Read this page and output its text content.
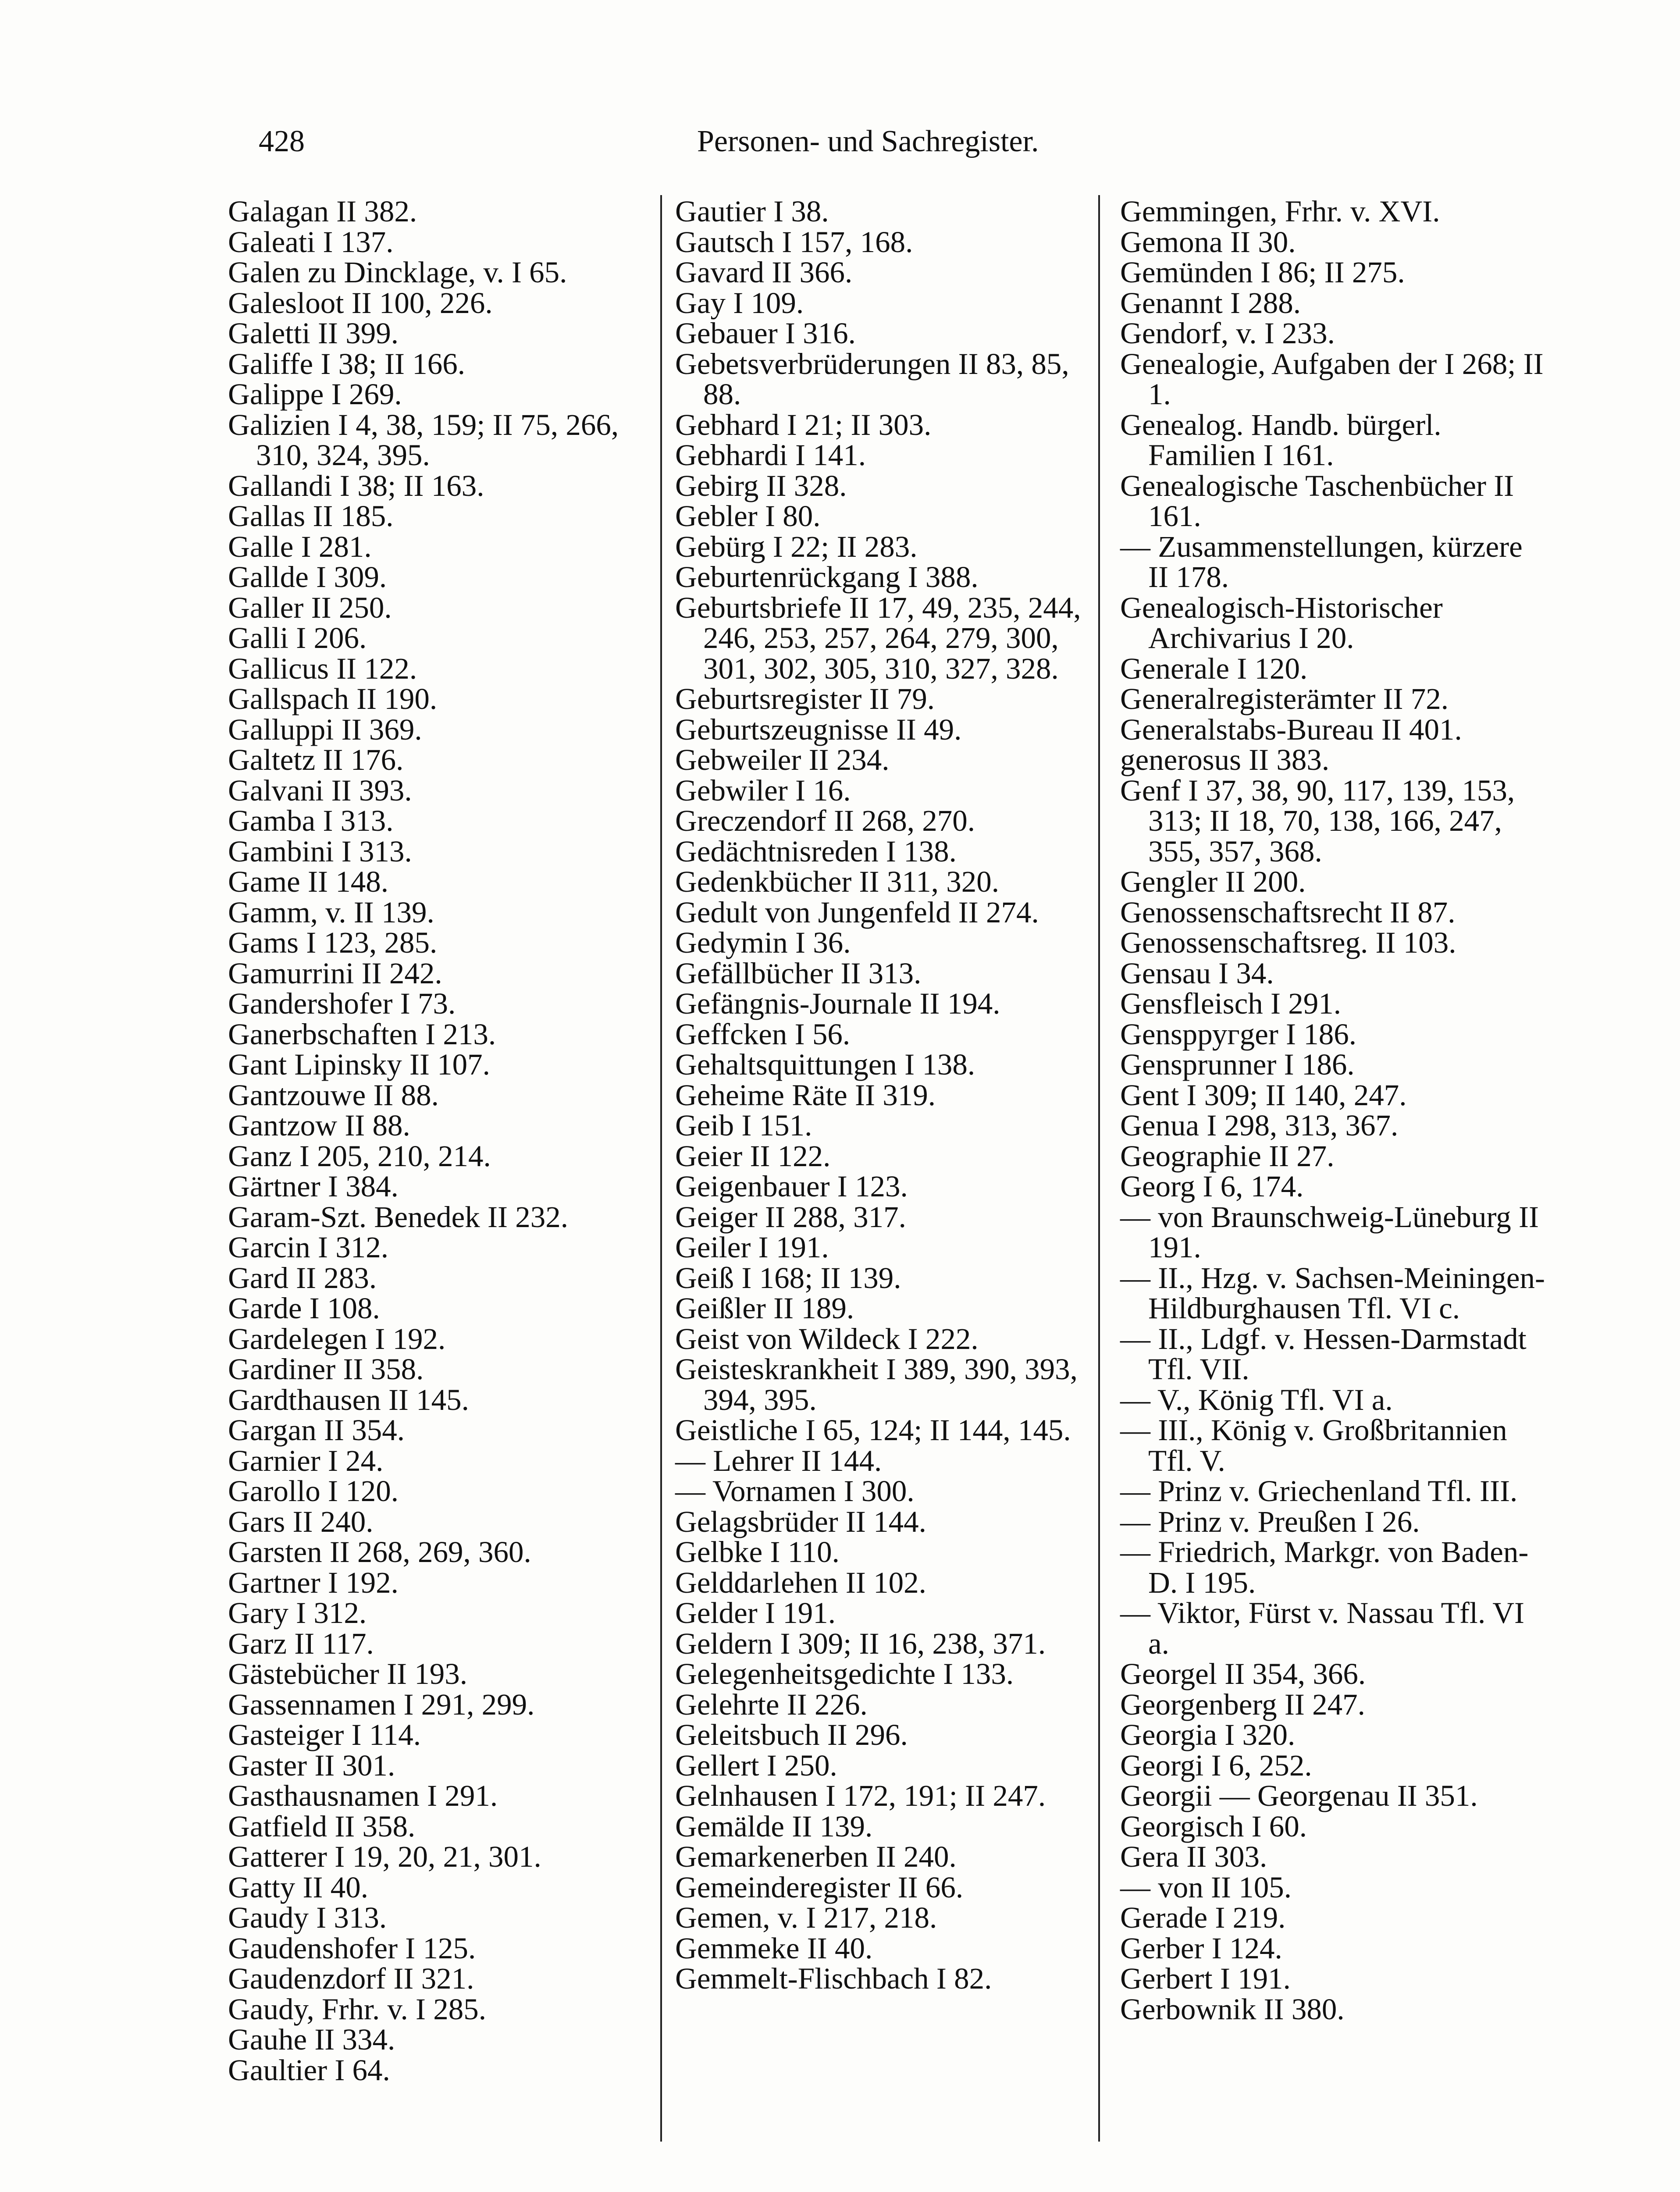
428	Personen- und Sachregister.

Galagan II 382.

Galeati I 137.

Galen zu Dincklage, v. I 65.

Galesloot II 100, 226.

Galetti II 399.

Galiffe I 38; II 166.

Galippe I 269.

Galizien I 4, 38, 159; II 75, 266, 310, 324, 395.

Gallandi I 38; II 163.

Gallas II 185.

Galle I 281.

Gallde I 309.

Galler II 250.

Galli I 206.

Gallicus II 122.

Gallspach II 190.

Galluppi II 369.

Galtetz II 176.

Galvani II 393.

Gamba I 313.

Gambini I 313.

Game II 148.

Gamm, v. II 139.

Gams I 123, 285.

Gamurrini II 242.

Gandershofer I 73.

Ganerbschaften I 213.

Gant Lipinsky II 107.

Gantzouwe II 88.

Gantzow II 88.

Ganz I 205, 210, 214.

Gärtner I 384.

Garam-Szt. Benedek II 232.

Garcin I 312.

Gard II 283.

Garde I 108.

Gardelegen I 192.

Gardiner II 358.

Gardthausen II 145.

Gargan II 354.

Garnier I 24.

Garollo I 120.

Gars II 240.

Garsten II 268, 269, 360.

Gartner I 192.

Gary I 312.

Garz II 117.

Gästebücher II 193.

Gassennamen I 291, 299.

Gasteiger I 114.

Gaster II 301.

Gasthausnamen I 291.

Gatfield II 358.

Gatterer I 19, 20, 21, 301.

Gatty II 40.

Gaudy I 313.

Gaudenshofer I 125.

Gaudenzdorf II 321.

Gaudy, Frhr. v. I 285.

Gauhe II 334.

Gaultier I 64.

Gautier I 38.

Gautsch I 157, 168.

Gavard II 366.

Gay I 109.

Gebauer I 316.

Gebetsverbrüderungen II 83, 85, 88.

Gebhard I 21; II 303.

Gebhardi I 141.

Gebirg II 328.

Gebler I 80.

Gebürg I 22; II 283.

Geburtenrückgang I 388.

Geburtsbriefe II 17, 49, 235, 244, 246, 253, 257, 264, 279, 300, 301, 302, 305, 310, 327, 328.

Geburtsregister II 79.

Geburtszeugnisse II 49.

Gebweiler II 234.

Gebwiler I 16.

Greczendorf II 268, 270.

Gedächtnisreden I 138.

Gedenkbücher II 311, 320.

Gedult von Jungenfeld II 274.

Gedymin I 36.

Gefällbücher II 313.

Gefängnis-Journale II 194.

Geffcken I 56.

Gehaltsquittungen I 138.

Geheime Räte II 319.

Geib I 151.

Geier II 122.

Geigenbauer I 123.

Geiger II 288, 317.

Geiler I 191.

Geiß I 168; II 139.

Geißler II 189.

Geist von Wildeck I 222.

Geisteskrankheit I 389, 390, 393, 394, 395.

Geistliche I 65, 124; II 144, 145.

— Lehrer II 144.

— Vornamen I 300.

Gelagsbrüder II 144.

Gelbke I 110.

Gelddarlehen II 102.

Gelder I 191.

Geldern I 309; II 16, 238, 371.

Gelegenheitsgedichte I 133.

Gelehrte II 226.

Geleitsbuch II 296.

Gellert I 250.

Gelnhausen I 172, 191; II 247.

Gemälde II 139.

Gemarkenerben II 240.

Gemeinderegister II 66.

Gemen, v. I 217, 218.

Gemmeke II 40.

Gemmelt-Flischbach I 82.

Gemmingen, Frhr. v. XVI.

Gemona II 30.

Gemünden I 86; II 275.

Genannt I 288.

Gendorf, v. I 233.

Genealogie, Aufgaben der I 268; II 1.

Genealog. Handb. bürgerl. Familien I 161.

Genealogische Taschenbücher II 161.

— Zusammenstellungen, kürzere II 178.

Genealogisch-Historischer Archivarius I 20.

Generale I 120.

Generalregisterämter II 72.

Generalstabs-Bureau II 401.

generosus II 383.

Genf I 37, 38, 90, 117, 139, 153, 313; II 18, 70, 138, 166, 247, 355, 357, 368.

Gengler II 200.

Genossenschaftsrecht II 87.

Genossenschaftsreg. II 103.

Gensau I 34.

Gensfleisch I 291.

Genspругger I 186.

Gensprunner I 186.

Gent I 309; II 140, 247.

Genua I 298, 313, 367.

Geographie II 27.

Georg I 6, 174.

— von Braunschweig-Lüneburg II 191.

— II., Hzg. v. Sachsen-Meiningen-Hildburghausen Tfl. VI c.

— II., Ldgf. v. Hessen-Darmstadt Tfl. VII.

— V., König Tfl. VI a.

— III., König v. Großbritannien Tfl. V.

— Prinz v. Griechenland Tfl. III.

— Prinz v. Preußen I 26.

— Friedrich, Markgr. von Baden-D. I 195.

— Viktor, Fürst v. Nassau Tfl. VI a.

Georgel II 354, 366.

Georgenberg II 247.

Georgia I 320.

Georgi I 6, 252.

Georgii — Georgenau II 351.

Georgisch I 60.

Gera II 303.

— von II 105.

Gerade I 219.

Gerber I 124.

Gerbert I 191.

Gerbownik II 380.
